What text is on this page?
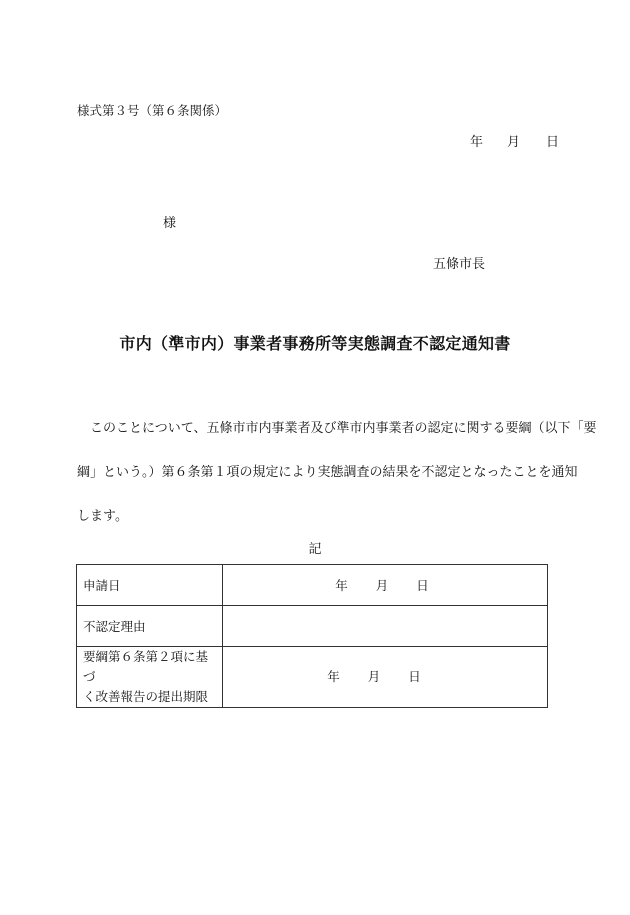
様式第３号（第６条関係）
年 月 日
様
五條市長
市内（準市内）事業者事務所等実態調査不認定通知書

このことについて、五條市市内事業者及び準市内事業者の認定に関する要綱（以下「要

綱」という。）第６条第１項の規定により実態調査の結果を不認定となったことを通知

します。

記
申請日	年 月 日
不認定理由	

要綱第６条第２項に基づ
く改善報告の提出期限	年 月 日
